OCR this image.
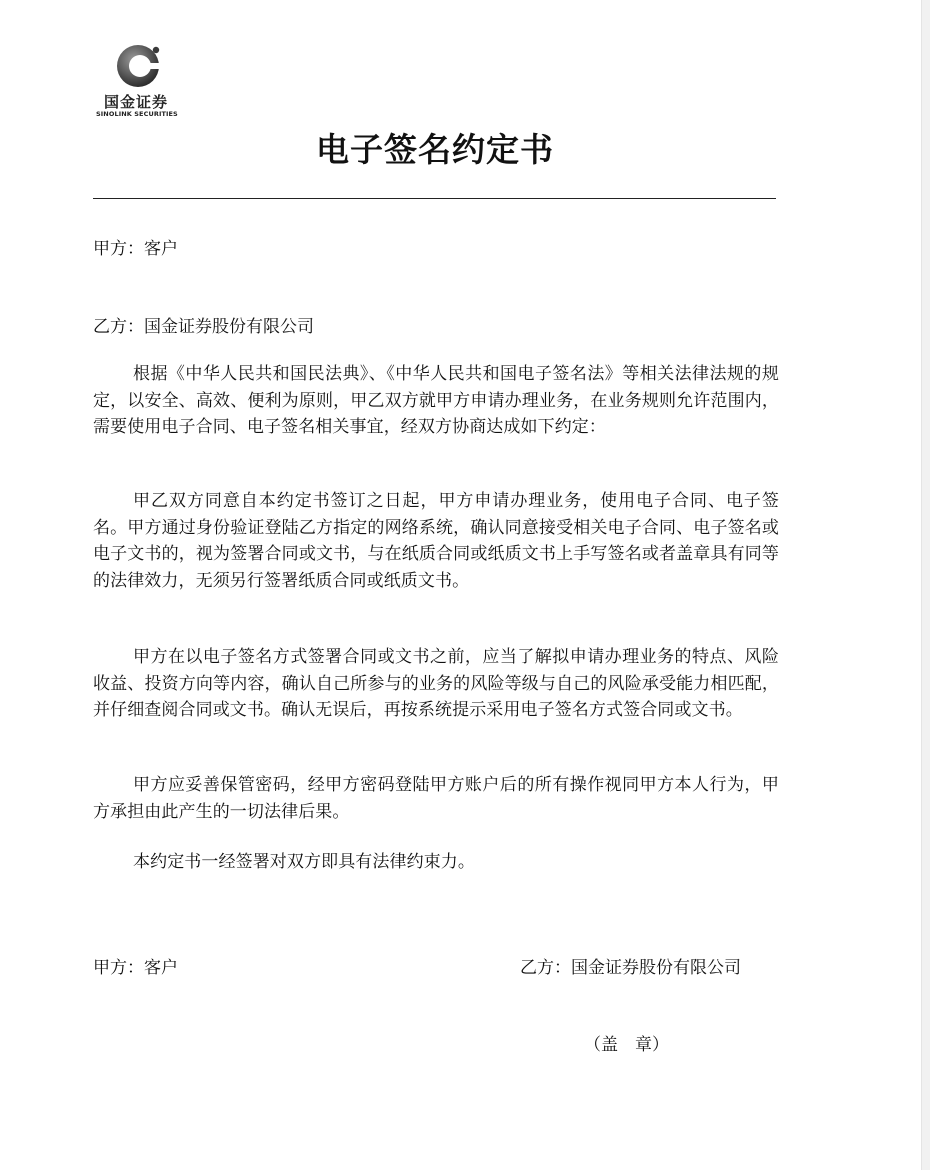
国金证券
SINOLINK SECURITIES
电子签名约定书
甲方：客户
乙方：国金证券股份有限公司

根据《中华人民共和国民法典》、《中华人民共和国电子签名法》等相关法律法规的规定，以安全、高效、便利为原则，甲乙双方就甲方申请办理业务，在业务规则允许范围内，需要使用电子合同、电子签名相关事宜，经双方协商达成如下约定：

甲乙双方同意自本约定书签订之日起，甲方申请办理业务，使用电子合同、电子签名。甲方通过身份验证登陆乙方指定的网络系统，确认同意接受相关电子合同、电子签名或电子文书的，视为签署合同或文书，与在纸质合同或纸质文书上手写签名或者盖章具有同等的法律效力，无须另行签署纸质合同或纸质文书。

甲方在以电子签名方式签署合同或文书之前，应当了解拟申请办理业务的特点、风险收益、投资方向等内容，确认自己所参与的业务的风险等级与自己的风险承受能力相匹配，并仔细查阅合同或文书。确认无误后，再按系统提示采用电子签名方式签合同或文书。

甲方应妥善保管密码，经甲方密码登陆甲方账户后的所有操作视同甲方本人行为，甲方承担由此产生的一切法律后果。

本约定书一经签署对双方即具有法律约束力。

甲方：客户	乙方：国金证券股份有限公司
（盖　章）
